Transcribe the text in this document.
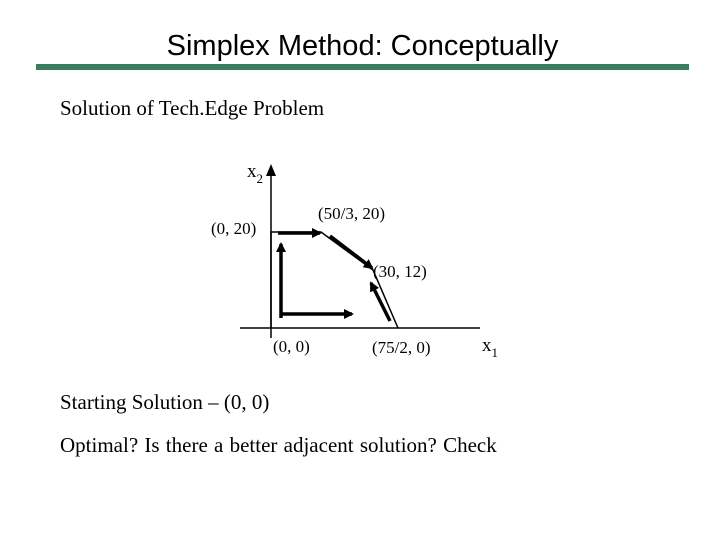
Simplex Method: Conceptually
Solution of Tech.Edge Problem
$x_2$
$x_1$
(0, 20)
(50/3, 20)
(30, 12)
(0, 0)	(75/2, 0)
Starting Solution – (0, 0)
Optimal? Is there a better adjacent solution? Check
